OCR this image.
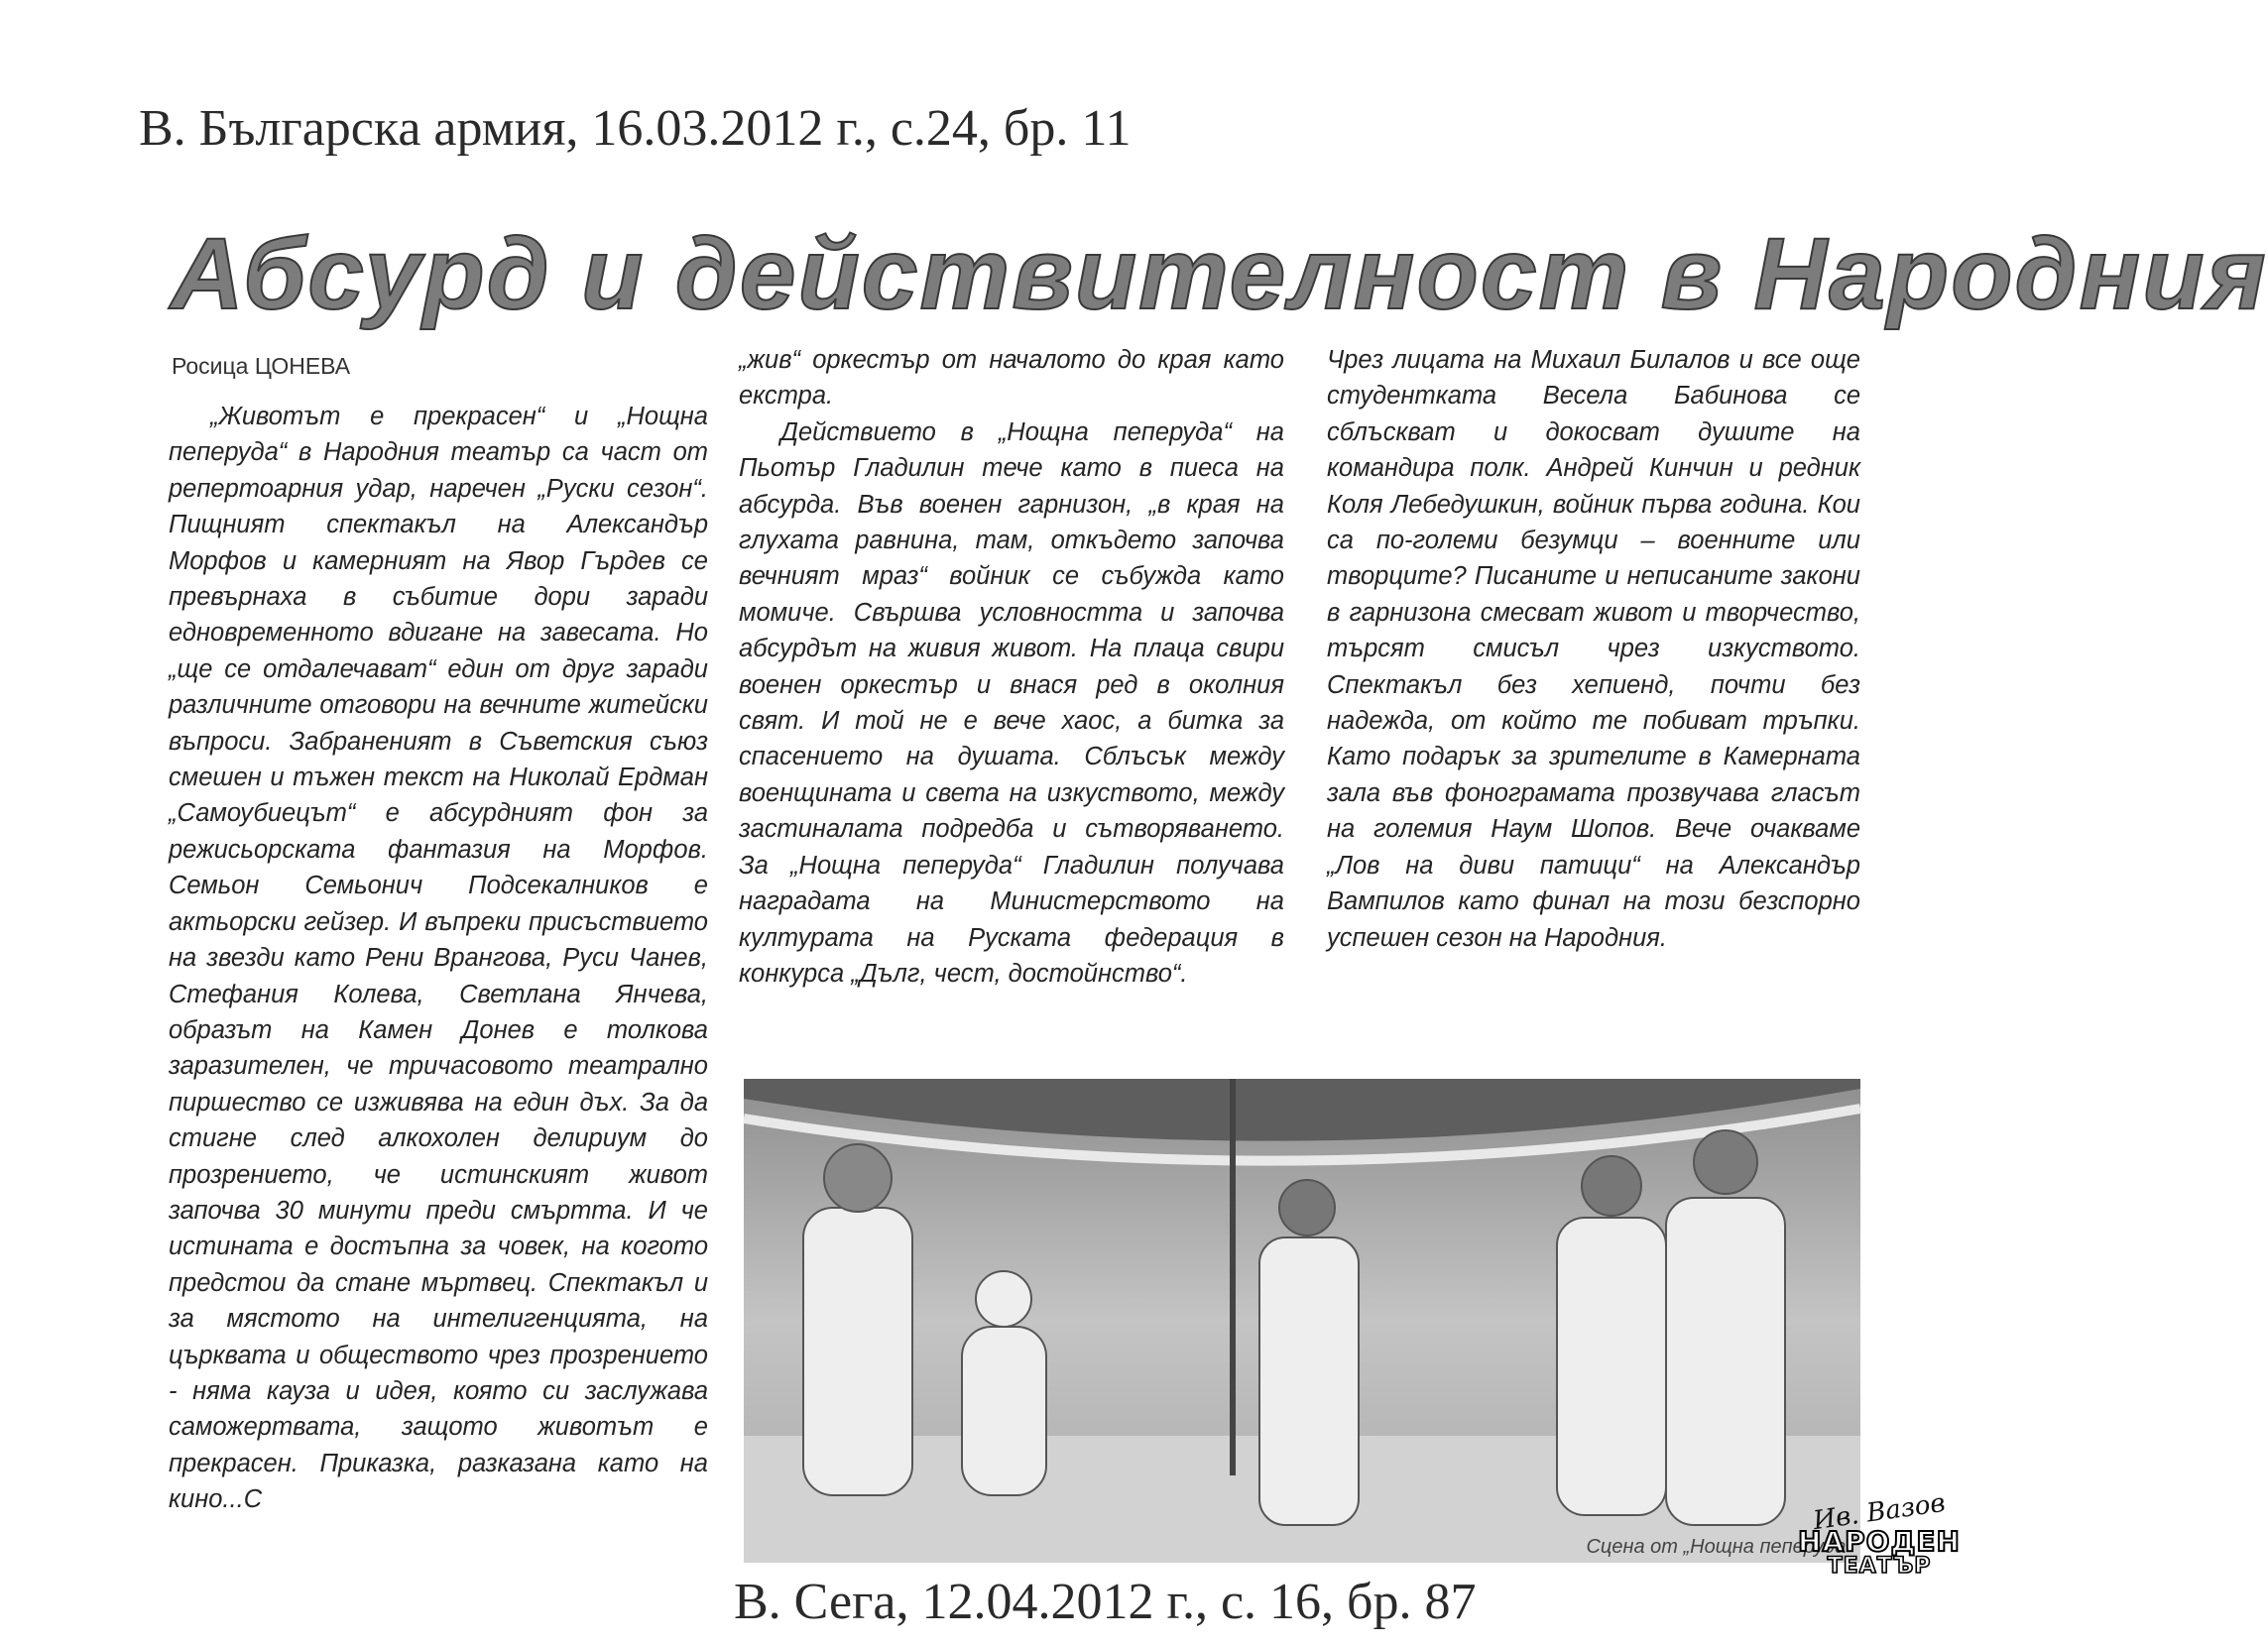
В. Българска армия, 16.03.2012 г., с.24, бр. 11
Абсурд и действителност в Народния
Росица ЦОНЕВА

„Животът е прекрасен“ и „Нощна пеперуда“ в Народния театър са част от репертоарния удар, наречен „Руски сезон“. Пищният спектакъл на Александър Морфов и камерният на Явор Гърдев се превърнаха в събитие дори заради едновременното вдигане на завесата. Но „ще се отдалечават“ един от друг заради различните отговори на вечните житейски въпроси. Забраненият в Съветския съюз смешен и тъжен текст на Николай Ердман „Самоубиецът“ е абсурдният фон за режисьорската фантазия на Морфов. Семьон Семьонич Подсекалников е актьорски гейзер. И въпреки присъствието на звезди като Рени Врангова, Руси Чанев, Стефания Колева, Светлана Янчева, образът на Камен Донев е толкова заразителен, че тричасовото театрално пиршество се изживява на един дъх. За да стигне след алкохолен делириум до прозрението, че истинският живот започва 30 минути преди смъртта. И че истината е достъпна за човек, на когото предстои да стане мъртвец. Спектакъл и за мястото на интелигенцията, на църквата и обществото чрез прозрението - няма кауза и идея, която си заслужава саможертвата, защото животът е прекрасен. Приказка, разказана като на кино...С

„жив“ оркестър от началото до края като екстра.

Действието в „Нощна пеперуда“ на Пьотър Гладилин тече като в пиеса на абсурда. Във военен гарнизон, „в края на глухата равнина, там, откъдето започва вечният мраз“ войник се събужда като момиче. Свършва условността и започва абсурдът на живия живот. На плаца свири военен оркестър и внася ред в околния свят. И той не е вече хаос, а битка за спасението на душата. Сблъсък между военщината и света на изкуството, между застиналата подредба и сътворяването. За „Нощна пеперуда“ Гладилин получава наградата на Министерството на културата на Руската федерация в конкурса „Дълг, чест, достойнство“.

Чрез лицата на Михаил Билалов и все още студентката Весела Бабинова се сблъскват и докосват душите на командира полк. Андрей Кинчин и редник Коля Лебедушкин, войник първа година. Кои са по-големи безумци – военните или творците? Писаните и неписаните закони в гарнизона смесват живот и творчество, търсят смисъл чрез изкуството. Спектакъл без хепиенд, почти без надежда, от който те побиват тръпки. Като подарък за зрителите в Камерната зала във фонограмата прозвучава гласът на големия Наум Шопов. Вече очакваме „Лов на диви патици“ на Александър Вампилов като финал на този безспорно успешен сезон на Народния.

Сцена от „Нощна пеперуда“
В. Сега, 12.04.2012 г., с. 16, бр. 87
Ив. Вазов
НАРОДЕН
ТЕАТЪР
